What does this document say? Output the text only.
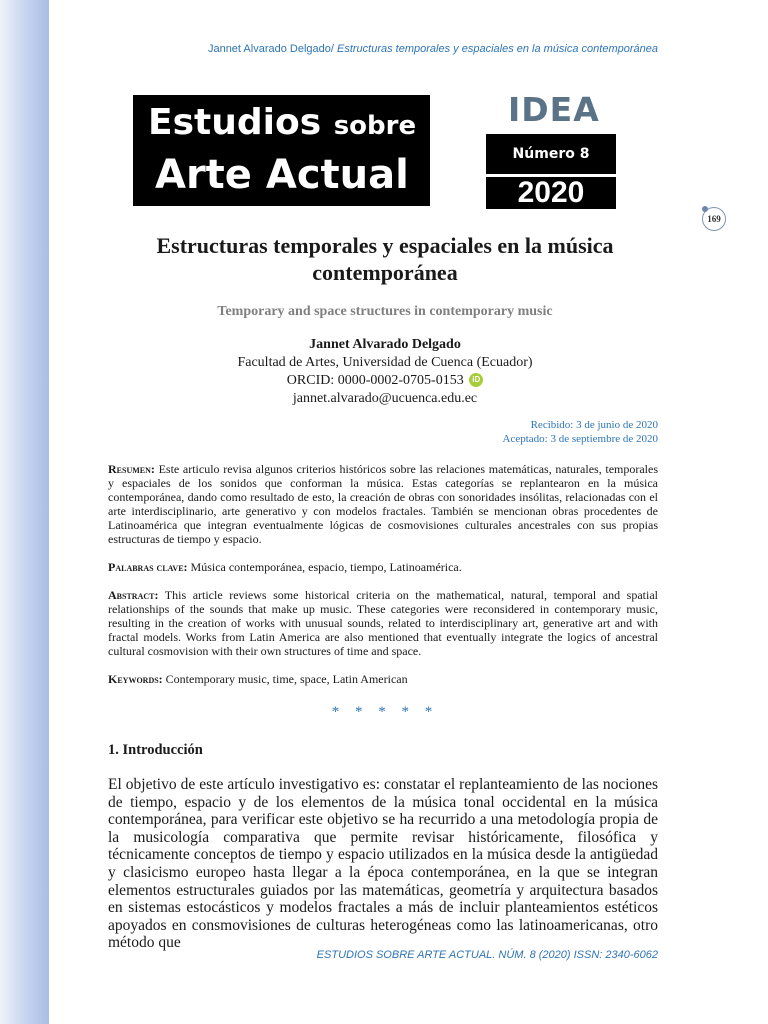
Jannet Alvarado Delgado/ Estructuras temporales y espaciales en la música contemporánea
Estudios sobre
Arte Actual
IDEA
Número 8
2020
169
Estructuras temporales y espaciales en la música contemporánea
Temporary and space structures in contemporary music
Jannet Alvarado Delgado
Facultad de Artes, Universidad de Cuenca (Ecuador)
ORCID: 0000-0002-0705-0153 iD
jannet.alvarado@ucuenca.edu.ec
Recibido: 3 de junio de 2020
Aceptado: 3 de septiembre de 2020
Resumen: Este articulo revisa algunos criterios históricos sobre las relaciones matemáticas, naturales, temporales y espaciales de los sonidos que conforman la música. Estas categorías se replantearon en la música contemporánea, dando como resultado de esto, la creación de obras con sonoridades insólitas, relacionadas con el arte interdisciplinario, arte generativo y con modelos fractales. También se mencionan obras procedentes de Latinoamérica que integran eventualmente lógicas de cosmovisiones culturales ancestrales con sus propias estructuras de tiempo y espacio.
Palabras clave: Música contemporánea, espacio, tiempo, Latinoamérica.
Abstract: This article reviews some historical criteria on the mathematical, natural, temporal and spatial relationships of the sounds that make up music. These categories were reconsidered in contemporary music, resulting in the creation of works with unusual sounds, related to interdisciplinary art, generative art and with fractal models. Works from Latin America are also mentioned that eventually integrate the logics of ancestral cultural cosmovision with their own structures of time and space.
Keywords: Contemporary music, time, space, Latin American
* * * * *
1. Introducción
El objetivo de este artículo investigativo es: constatar el replanteamiento de las nociones de tiempo, espacio y de los elementos de la música tonal occidental en la música contemporánea, para verificar este objetivo se ha recurrido a una metodología propia de la musicología comparativa que permite revisar históricamente, filosófica y técnicamente conceptos de tiempo y espacio utilizados en la música desde la antigüedad y clasicismo europeo hasta llegar a la época contemporánea, en la que se integran elementos estructurales guiados por las matemáticas, geometría y arquitectura basados en sistemas estocásticos y modelos fractales a más de incluir planteamientos estéticos apoyados en consmovisiones de culturas heterogéneas como las latinoamericanas, otro método que
ESTUDIOS SOBRE ARTE ACTUAL. NÚM. 8 (2020) ISSN: 2340-6062
